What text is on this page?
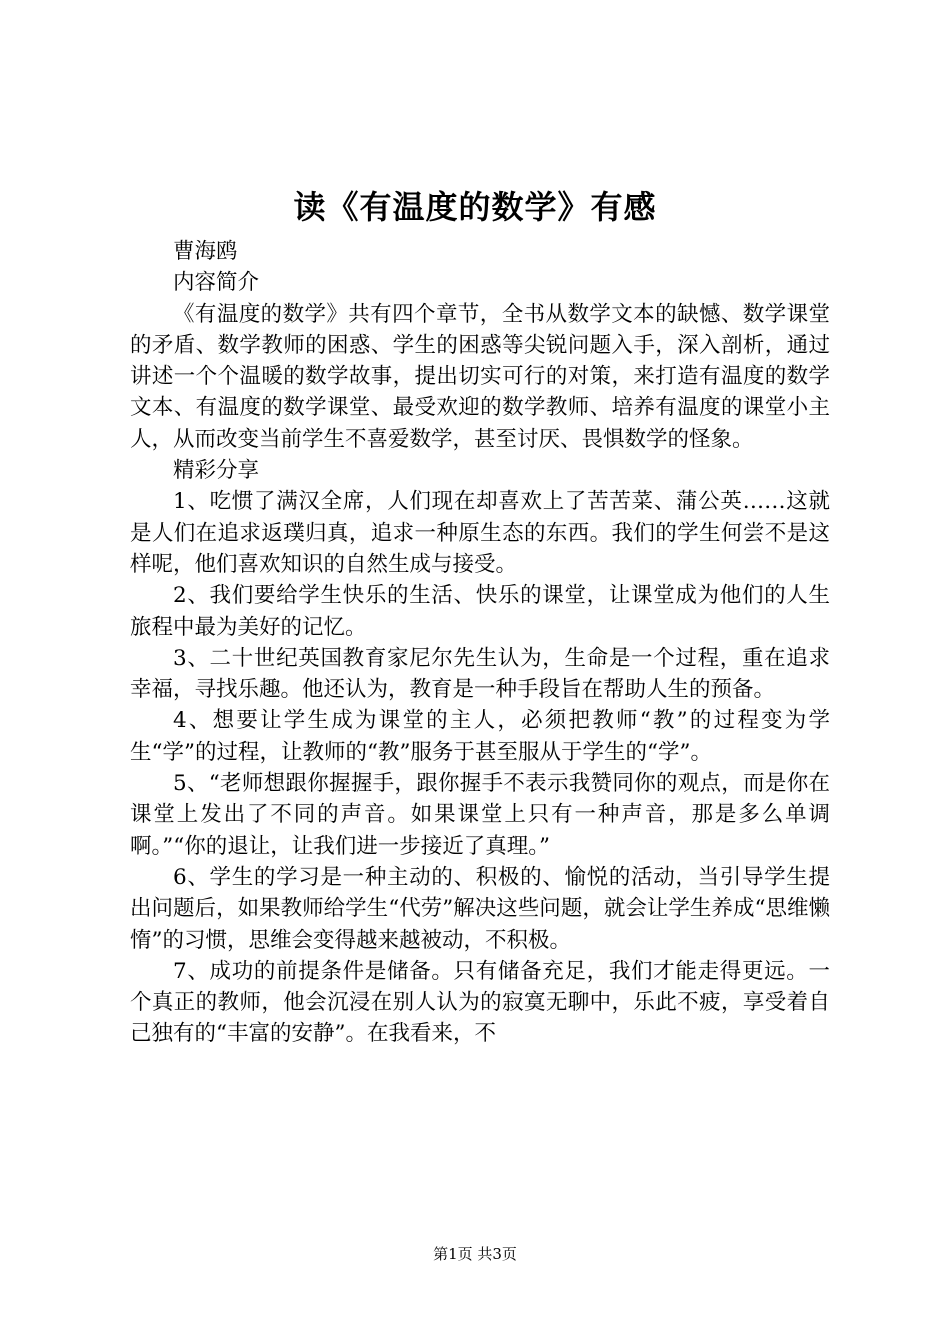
读《有温度的数学》有感

曹海鸥

内容简介

《有温度的数学》共有四个章节，全书从数学文本的缺憾、数学课堂的矛盾、数学教师的困惑、学生的困惑等尖锐问题入手，深入剖析，通过讲述一个个温暖的数学故事，提出切实可行的对策，来打造有温度的数学文本、有温度的数学课堂、最受欢迎的数学教师、培养有温度的课堂小主人，从而改变当前学生不喜爱数学，甚至讨厌、畏惧数学的怪象。

精彩分享

1、吃惯了满汉全席，人们现在却喜欢上了苦苦菜、蒲公英……这就是人们在追求返璞归真，追求一种原生态的东西。我们的学生何尝不是这样呢，他们喜欢知识的自然生成与接受。

2、我们要给学生快乐的生活、快乐的课堂，让课堂成为他们的人生旅程中最为美好的记忆。

3、二十世纪英国教育家尼尔先生认为，生命是一个过程，重在追求幸福，寻找乐趣。他还认为，教育是一种手段旨在帮助人生的预备。

4、想要让学生成为课堂的主人，必须把教师“教”的过程变为学生“学”的过程，让教师的“教”服务于甚至服从于学生的“学”。

5、“老师想跟你握握手，跟你握手不表示我赞同你的观点，而是你在课堂上发出了不同的声音。如果课堂上只有一种声音，那是多么单调啊。”“你的退让，让我们进一步接近了真理。”

6、学生的学习是一种主动的、积极的、愉悦的活动，当引导学生提出问题后，如果教师给学生“代劳”解决这些问题，就会让学生养成“思维懒惰”的习惯，思维会变得越来越被动，不积极。

7、成功的前提条件是储备。只有储备充足，我们才能走得更远。一个真正的教师，他会沉浸在别人认为的寂寞无聊中，乐此不疲，享受着自己独有的“丰富的安静”。在我看来，不

第1页 共3页
